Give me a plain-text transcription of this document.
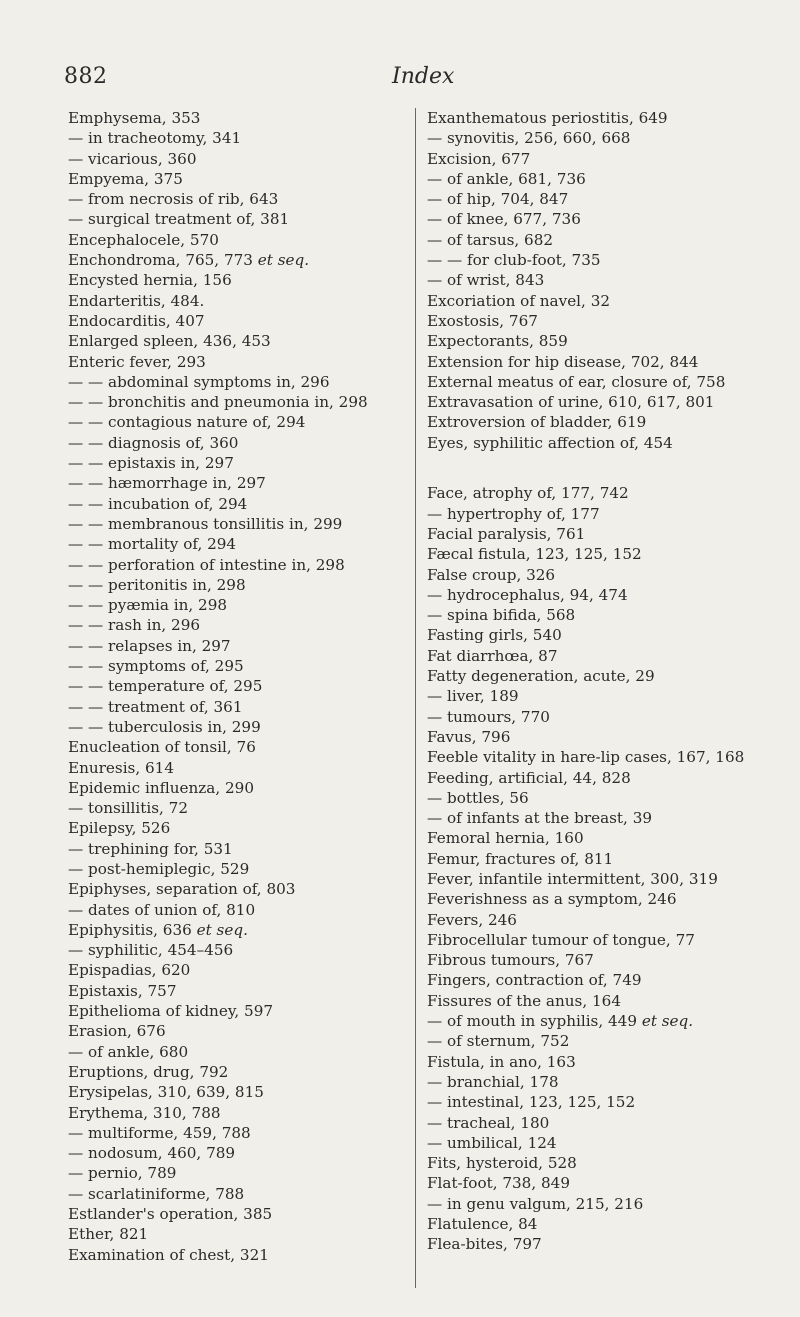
882	Index
Emphysema, 353
— in tracheotomy, 341
— vicarious, 360
Empyema, 375
— from necrosis of rib, 643
— surgical treatment of, 381
Encephalocele, 570
Enchondroma, 765, 773 et seq.
Encysted hernia, 156
Endarteritis, 484.
Endocarditis, 407
Enlarged spleen, 436, 453
Enteric fever, 293
— — abdominal symptoms in, 296
— — bronchitis and pneumonia in, 298
— — contagious nature of, 294
— — diagnosis of, 360
— — epistaxis in, 297
— — hæmorrhage in, 297
— — incubation of, 294
— — membranous tonsillitis in, 299
— — mortality of, 294
— — perforation of intestine in, 298
— — peritonitis in, 298
— — pyæmia in, 298
— — rash in, 296
— — relapses in, 297
— — symptoms of, 295
— — temperature of, 295
— — treatment of, 361
— — tuberculosis in, 299
Enucleation of tonsil, 76
Enuresis, 614
Epidemic influenza, 290
— tonsillitis, 72
Epilepsy, 526
— trephining for, 531
— post-hemiplegic, 529
Epiphyses, separation of, 803
— dates of union of, 810
Epiphysitis, 636 et seq.
— syphilitic, 454–456
Epispadias, 620
Epistaxis, 757
Epithelioma of kidney, 597
Erasion, 676
— of ankle, 680
Eruptions, drug, 792
Erysipelas, 310, 639, 815
Erythema, 310, 788
— multiforme, 459, 788
— nodosum, 460, 789
— pernio, 789
— scarlatiniforme, 788
Estlander's operation, 385
Ether, 821
Examination of chest, 321
Exanthematous periostitis, 649
— synovitis, 256, 660, 668
Excision, 677
— of ankle, 681, 736
— of hip, 704, 847
— of knee, 677, 736
— of tarsus, 682
— — for club-foot, 735
— of wrist, 843
Excoriation of navel, 32
Exostosis, 767
Expectorants, 859
Extension for hip disease, 702, 844
External meatus of ear, closure of, 758
Extravasation of urine, 610, 617, 801
Extroversion of bladder, 619
Eyes, syphilitic affection of, 454
Face, atrophy of, 177, 742
— hypertrophy of, 177
Facial paralysis, 761
Fæcal fistula, 123, 125, 152
False croup, 326
— hydrocephalus, 94, 474
— spina bifida, 568
Fasting girls, 540
Fat diarrhœa, 87
Fatty degeneration, acute, 29
— liver, 189
— tumours, 770
Favus, 796
Feeble vitality in hare-lip cases, 167, 168
Feeding, artificial, 44, 828
— bottles, 56
— of infants at the breast, 39
Femoral hernia, 160
Femur, fractures of, 811
Fever, infantile intermittent, 300, 319
Feverishness as a symptom, 246
Fevers, 246
Fibrocellular tumour of tongue, 77
Fibrous tumours, 767
Fingers, contraction of, 749
Fissures of the anus, 164
— of mouth in syphilis, 449 et seq.
— of sternum, 752
Fistula, in ano, 163
— branchial, 178
— intestinal, 123, 125, 152
— tracheal, 180
— umbilical, 124
Fits, hysteroid, 528
Flat-foot, 738, 849
— in genu valgum, 215, 216
Flatulence, 84
Flea-bites, 797
